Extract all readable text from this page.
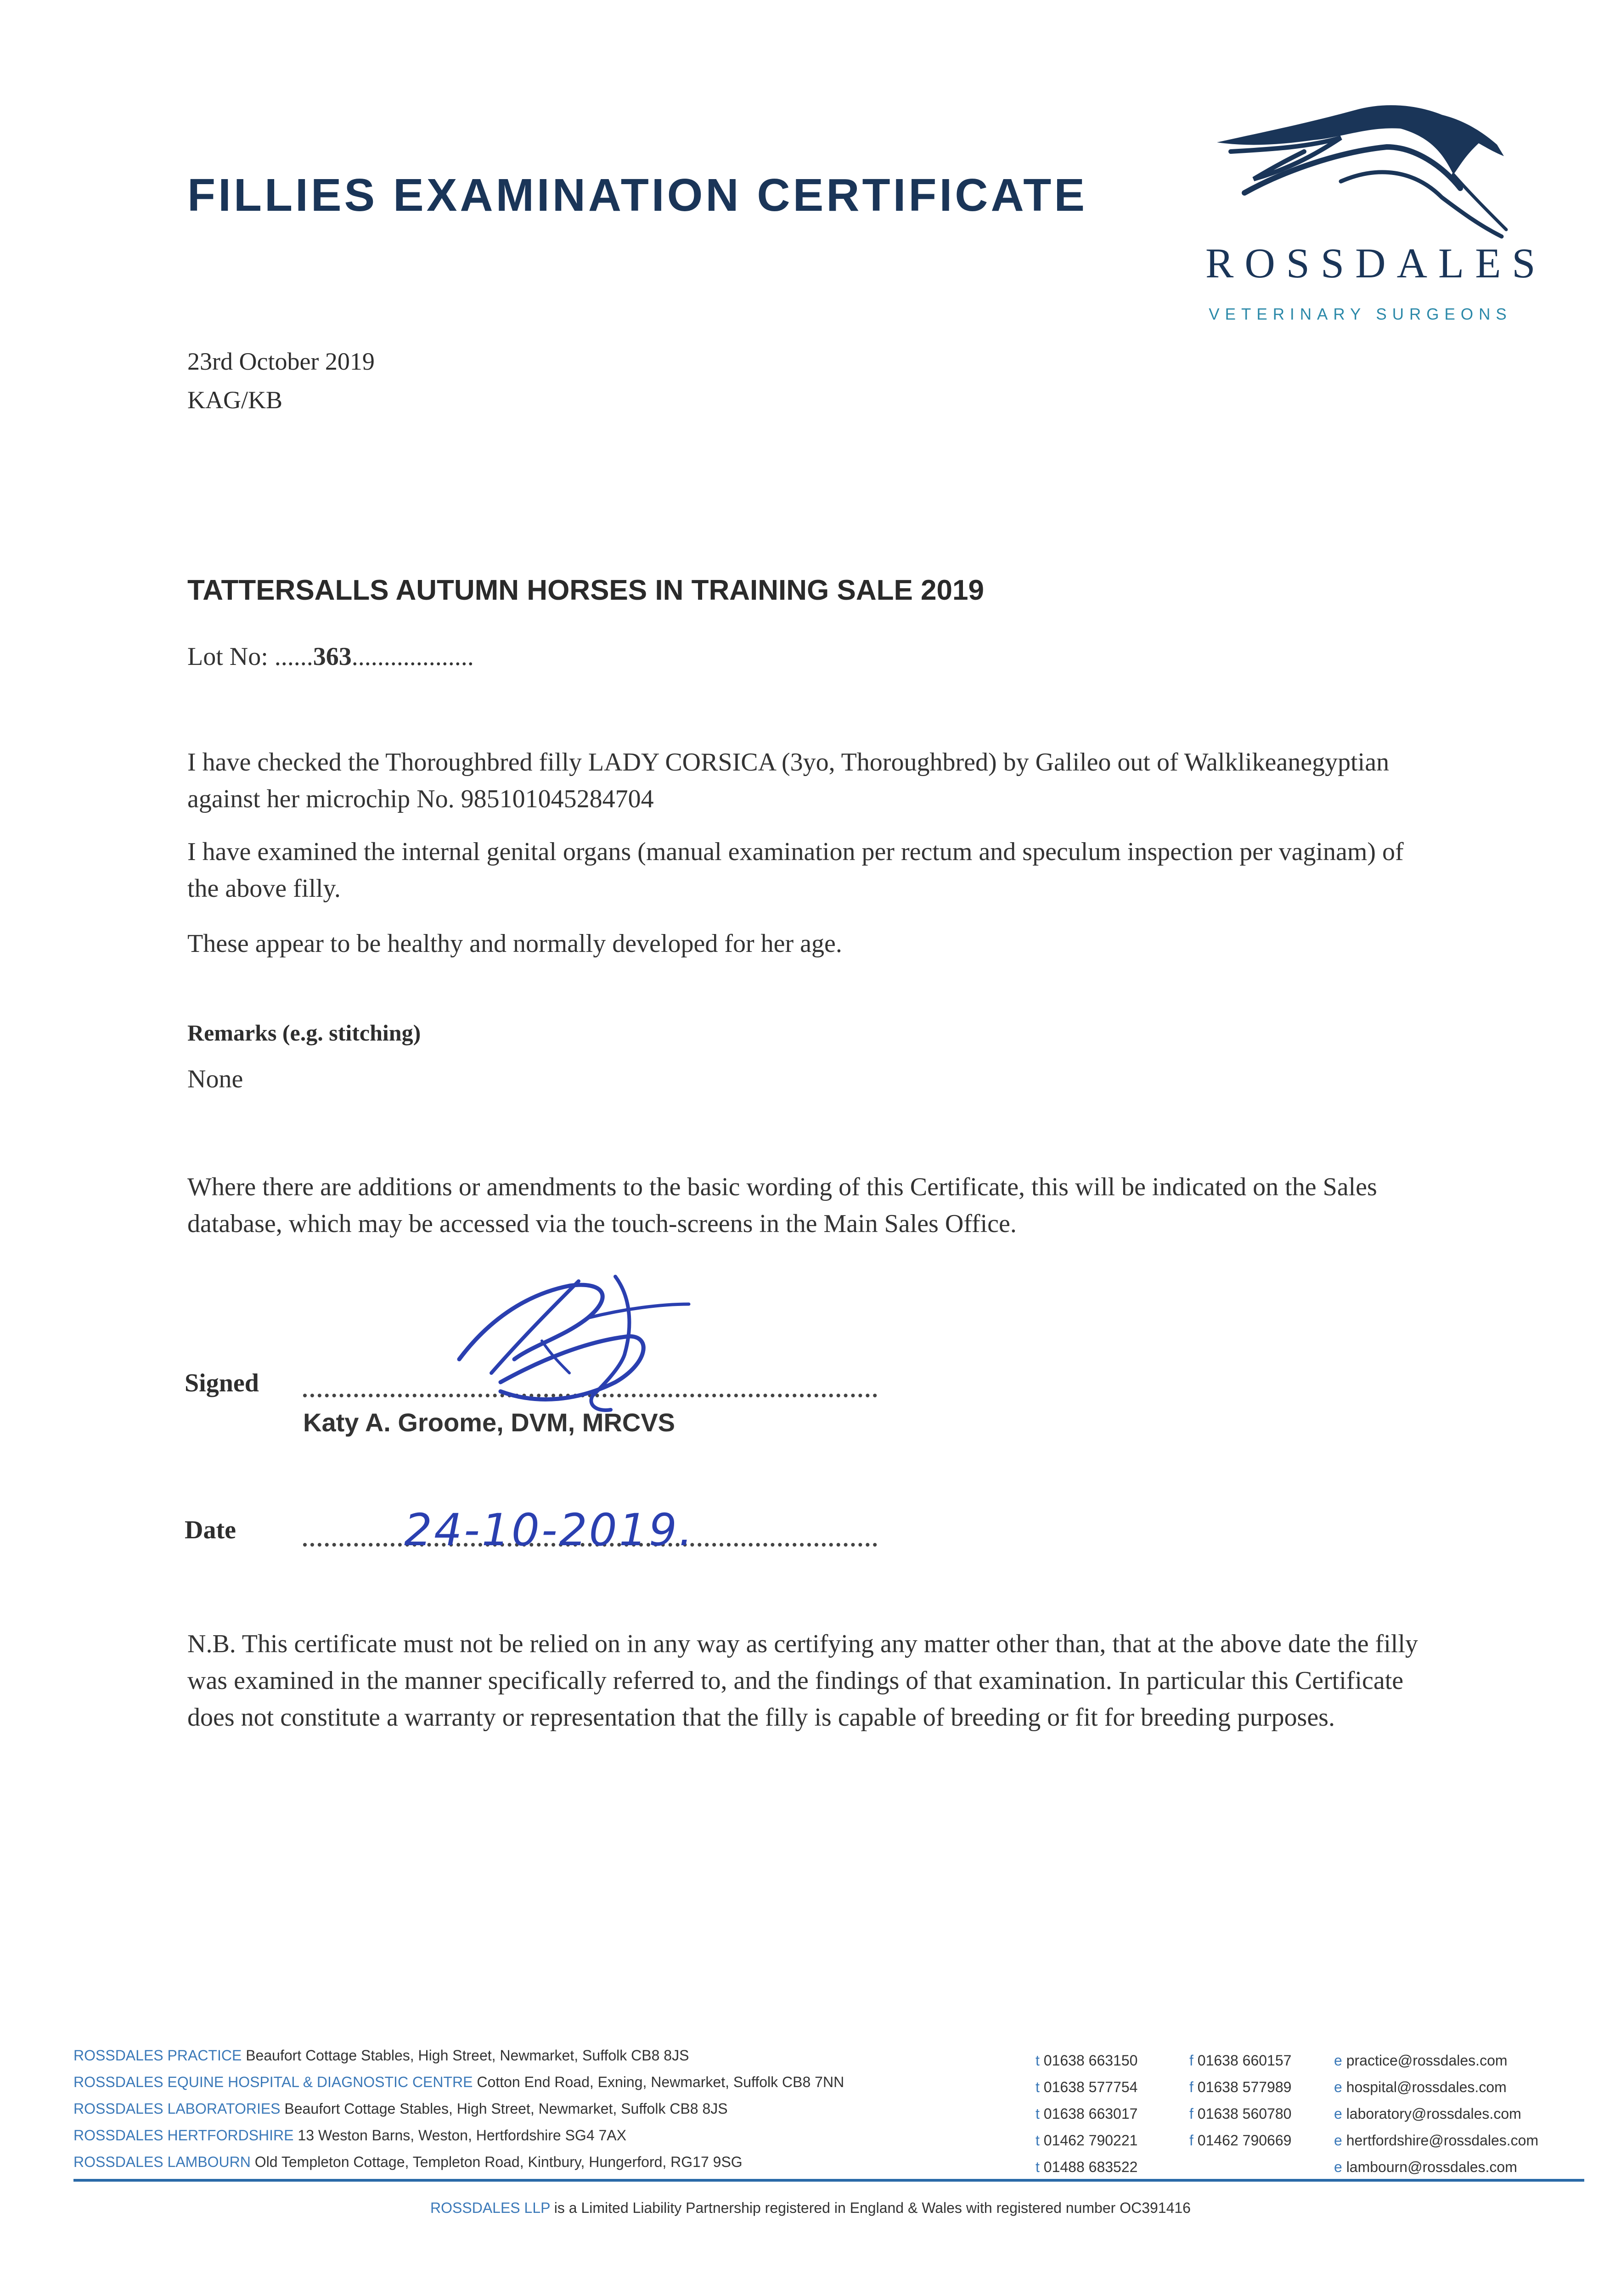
FILLIES EXAMINATION CERTIFICATE
ROSSDALES
VETERINARY SURGEONS
23rd October 2019
KAG/KB
TATTERSALLS AUTUMN HORSES IN TRAINING SALE 2019
Lot No: ......363...................
I have checked the Thoroughbred filly LADY CORSICA (3yo, Thoroughbred) by Galileo out of Walklikeanegyptian against her microchip No. 985101045284704
I have examined the internal genital organs (manual examination per rectum and speculum inspection per vaginam) of the above filly.
These appear to be healthy and normally developed for her age.
Remarks (e.g. stitching)
None
Where there are additions or amendments to the basic wording of this Certificate, this will be indicated on the Sales database, which may be accessed via the touch-screens in the Main Sales Office.
Signed
Katy A. Groome, DVM, MRCVS
Date	24-10-2019.
N.B. This certificate must not be relied on in any way as certifying any matter other than, that at the above date the filly was examined in the manner specifically referred to, and the findings of that examination. In particular this Certificate does not constitute a warranty or representation that the filly is capable of breeding or fit for breeding purposes.
ROSSDALES PRACTICE Beaufort Cottage Stables, High Street, Newmarket, Suffolk CB8 8JS
ROSSDALES EQUINE HOSPITAL & DIAGNOSTIC CENTRE Cotton End Road, Exning, Newmarket, Suffolk CB8 7NN
ROSSDALES LABORATORIES Beaufort Cottage Stables, High Street, Newmarket, Suffolk CB8 8JS
ROSSDALES HERTFORDSHIRE 13 Weston Barns, Weston, Hertfordshire SG4 7AX
ROSSDALES LAMBOURN Old Templeton Cottage, Templeton Road, Kintbury, Hungerford, RG17 9SG
t 01638 663150
t 01638 577754
t 01638 663017
t 01462 790221
t 01488 683522
f 01638 660157
f 01638 577989
f 01638 560780
f 01462 790669
e practice@rossdales.com
e hospital@rossdales.com
e laboratory@rossdales.com
e hertfordshire@rossdales.com
e lambourn@rossdales.com
ROSSDALES LLP is a Limited Liability Partnership registered in England & Wales with registered number OC391416
